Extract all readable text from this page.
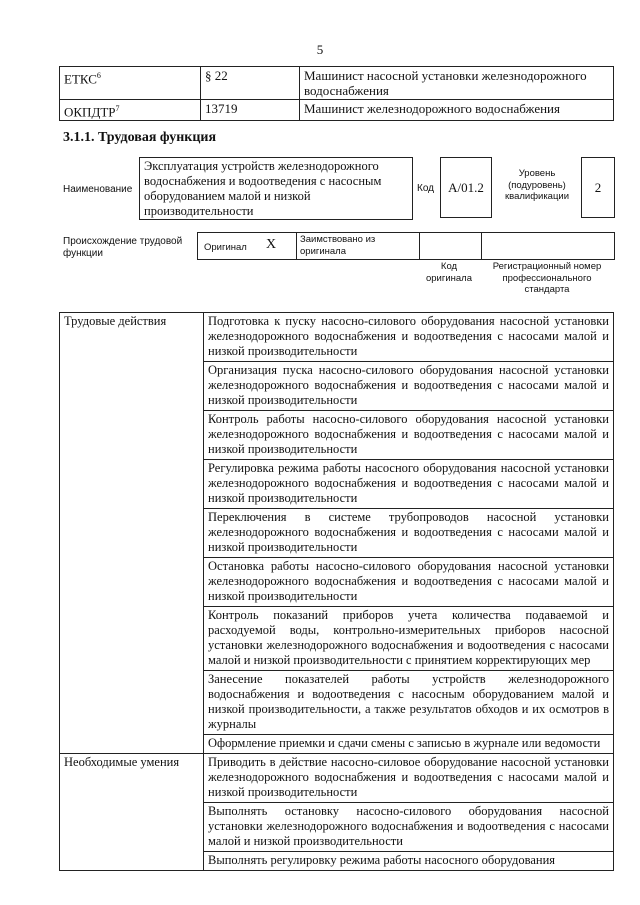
5
ЕТКС$^6$	§ 22	Машинист насосной установки железнодорожного водоснабжения
ОКПДТР$^7$	13719	Машинист железнодорожного водоснабжения
3.1.1. Трудовая функция
Наименование
Эксплуатация устройств железнодорожного водоснабжения и водоотведения с насосным оборудованием малой и низкой производительности
Код	A/01.2
Уровень (подуровень) квалификации
2
Происхождение трудовой функции
Оригинал X	Заимствовано из оригинала
Код оригинала
Регистрационный номер профессионального стандарта
Трудовые действия	Подготовка к пуску насосно-силового оборудования насосной установки железнодорожного водоснабжения и водоотведения с насосами малой и низкой производительности
	Организация пуска насосно-силового оборудования насосной установки железнодорожного водоснабжения и водоотведения с насосами малой и низкой производительности
	Контроль работы насосно-силового оборудования насосной установки железнодорожного водоснабжения и водоотведения с насосами малой и низкой производительности
	Регулировка режима работы насосного оборудования насосной установки железнодорожного водоснабжения и водоотведения с насосами малой и низкой производительности
	Переключения в системе трубопроводов насосной установки железнодорожного водоснабжения и водоотведения с насосами малой и низкой производительности
	Остановка работы насосно-силового оборудования насосной установки железнодорожного водоснабжения и водоотведения с насосами малой и низкой производительности
	Контроль показаний приборов учета количества подаваемой и расходуемой воды, контрольно-измерительных приборов насосной установки железнодорожного водоснабжения и водоотведения с насосами малой и низкой производительности с принятием корректирующих мер
	Занесение показателей работы устройств железнодорожного водоснабжения и водоотведения с насосным оборудованием малой и низкой производительности, а также результатов обходов и их осмотров в журналы
	Оформление приемки и сдачи смены с записью в журнале или ведомости
Необходимые умения	Приводить в действие насосно-силовое оборудование насосной установки железнодорожного водоснабжения и водоотведения с насосами малой и низкой производительности
	Выполнять остановку насосно-силового оборудования насосной установки железнодорожного водоснабжения и водоотведения с насосами малой и низкой производительности
	Выполнять регулировку режима работы насосного оборудования
